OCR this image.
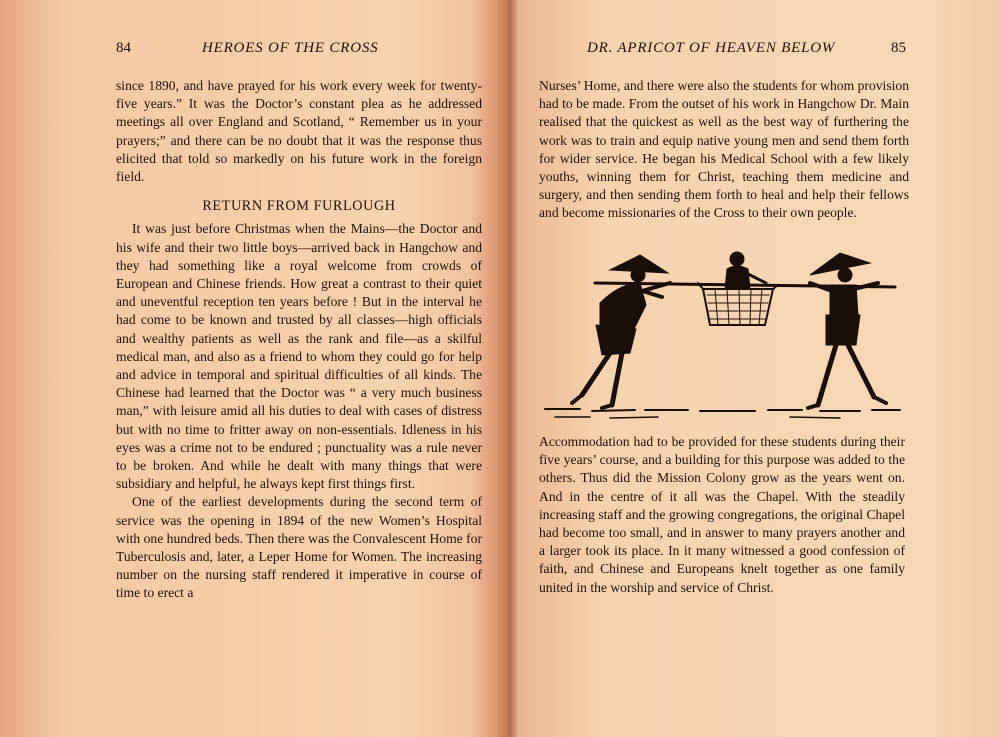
84	HEROES OF THE CROSS

since 1890, and have prayed for his work every week for twenty-five years.” It was the Doctor’s constant plea as he addressed meetings all over England and Scotland, “ Remember us in your prayers;” and there can be no doubt that it was the response thus elicited that told so markedly on his future work in the foreign field.

RETURN FROM FURLOUGH

It was just before Christmas when the Mains—the Doctor and his wife and their two little boys—arrived back in Hangchow and they had something like a royal welcome from crowds of European and Chinese friends. How great a contrast to their quiet and uneventful reception ten years before ! But in the interval he had come to be known and trusted by all classes—high officials and wealthy patients as well as the rank and file—as a skilful medical man, and also as a friend to whom they could go for help and advice in temporal and spiritual difficulties of all kinds. The Chinese had learned that the Doctor was “ a very much business man,” with leisure amid all his duties to deal with cases of distress but with no time to fritter away on non-essentials. Idleness in his eyes was a crime not to be endured ; punctuality was a rule never to be broken. And while he dealt with many things that were subsidiary and helpful, he always kept first things first.

One of the earliest developments during the second term of service was the opening in 1894 of the new Women’s Hospital with one hundred beds. Then there was the Convalescent Home for Tuberculosis and, later, a Leper Home for Women. The increasing number on the nursing staff rendered it imperative in course of time to erect a

DR. APRICOT OF HEAVEN BELOW	85

Nurses’ Home, and there were also the students for whom provision had to be made. From the outset of his work in Hangchow Dr. Main realised that the quickest as well as the best way of furthering the work was to train and equip native young men and send them forth for wider service. He began his Medical School with a few likely youths, winning them for Christ, teaching them medicine and surgery, and then sending them forth to heal and help their fellows and become missionaries of the Cross to their own people.

Accommodation had to be provided for these students during their five years’ course, and a building for this purpose was added to the others. Thus did the Mission Colony grow as the years went on. And in the centre of it all was the Chapel. With the steadily increasing staff and the growing congregations, the original Chapel had become too small, and in answer to many prayers another and a larger took its place. In it many witnessed a good confession of faith, and Chinese and Europeans knelt together as one family united in the worship and service of Christ.
